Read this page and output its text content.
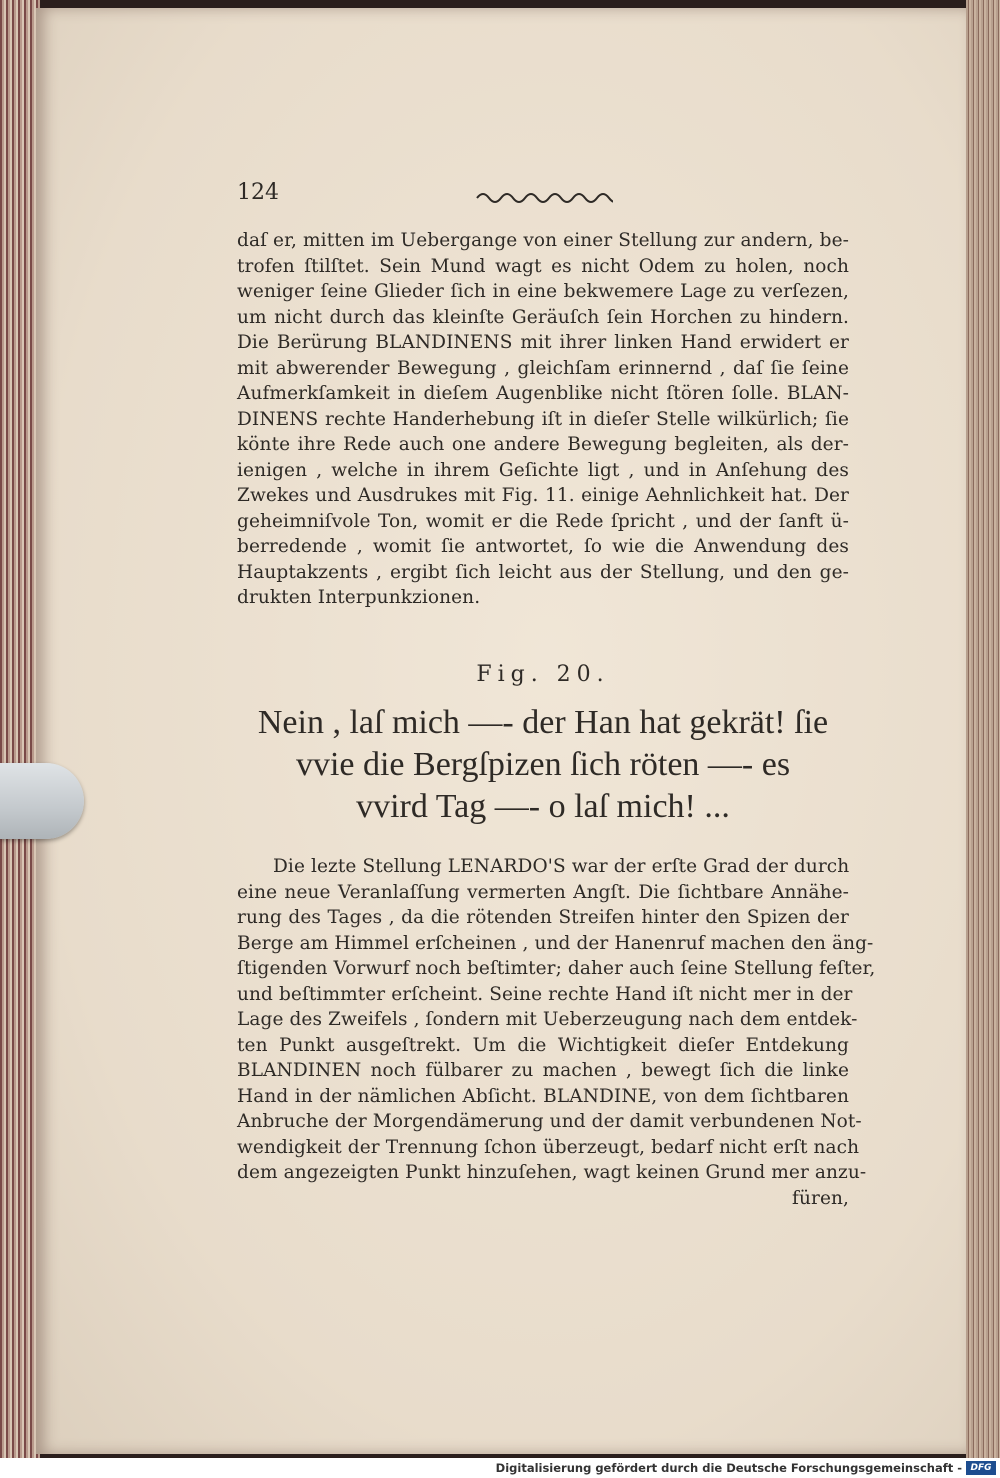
124
daſ er, mitten im Uebergange von einer Stellung zur andern, be-
trofen ſtilſtet. Sein Mund wagt es nicht Odem zu holen, noch
weniger ſeine Glieder ſich in eine bekwemere Lage zu verſezen,
um nicht durch das kleinſte Geräuſch ſein Horchen zu hindern.
Die Berürung BLANDINENS mit ihrer linken Hand erwidert er
mit abwerender Bewegung , gleichſam erinnernd , daſ ſie ſeine
Aufmerkſamkeit in dieſem Augenblike nicht ſtören ſolle. BLAN-
DINENS rechte Handerhebung iſt in dieſer Stelle wilkürlich; ſie
könte ihre Rede auch one andere Bewegung begleiten, als der-
ienigen , welche in ihrem Geſichte ligt , und in Anſehung des
Zwekes und Ausdrukes mit Fig. 11. einige Aehnlichkeit hat. Der
geheimniſvole Ton, womit er die Rede ſpricht , und der ſanft ü-
berredende , womit ſie antwortet, ſo wie die Anwendung des
Hauptakzents , ergibt ſich leicht aus der Stellung, und den ge-
drukten Interpunkzionen.
Fig. 20.
Nein , laſ mich —- der Han hat gekrät! ſie
vvie die Bergſpizen ſich röten —- es
vvird Tag —- o laſ mich! ...
Die lezte Stellung LENARDO'S war der erſte Grad der durch
eine neue Veranlaſſung vermerten Angſt. Die ſichtbare Annähe-
rung des Tages , da die rötenden Streifen hinter den Spizen der
Berge am Himmel erſcheinen , und der Hanenruf machen den äng-
ſtigenden Vorwurf noch beſtimter; daher auch ſeine Stellung feſter,
und beſtimmter erſcheint. Seine rechte Hand iſt nicht mer in der
Lage des Zweifels , ſondern mit Ueberzeugung nach dem entdek-
ten Punkt ausgeſtrekt. Um die Wichtigkeit dieſer Entdekung
BLANDINEN noch fülbarer zu machen , bewegt ſich die linke
Hand in der nämlichen Abſicht. BLANDINE, von dem ſichtbaren
Anbruche der Morgendämerung und der damit verbundenen Not-
wendigkeit der Trennung ſchon überzeugt, bedarf nicht erſt nach
dem angezeigten Punkt hinzuſehen, wagt keinen Grund mer anzu-
füren,
Digitalisierung gefördert durch die Deutsche Forschungsgemeinschaft - DFG
